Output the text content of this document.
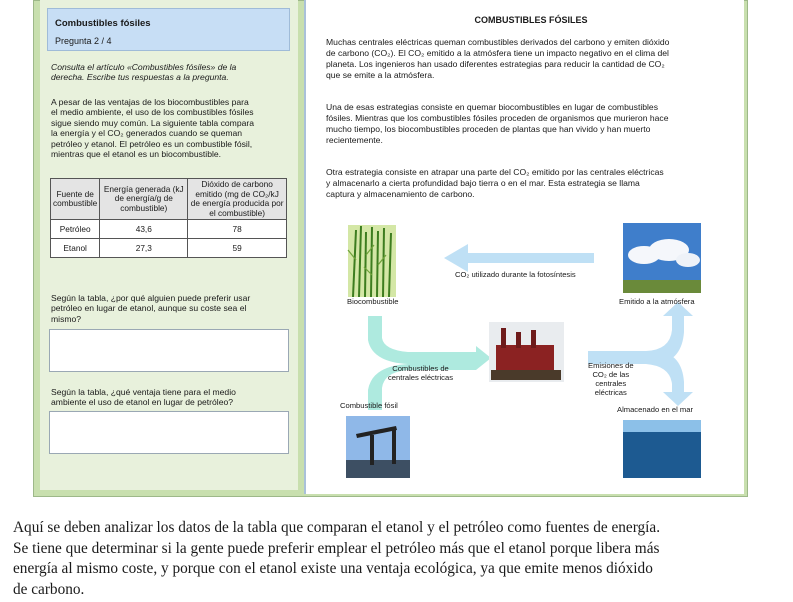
Combustibles fósiles
Pregunta 2 / 4
Consulta el artículo «Combustibles fósiles» de la
derecha. Escribe tus respuestas a la pregunta.
A pesar de las ventajas de los biocombustibles para
el medio ambiente, el uso de los combustibles fósiles
sigue siendo muy común. La siguiente tabla compara
la energía y el CO₂ generados cuando se queman
petróleo y etanol. El petróleo es un combustible fósil,
mientras que el etanol es un biocombustible.
Fuente de combustible	Energía generada (kJ de energía/g de combustible)	Dióxido de carbono emitido (mg de CO₂/kJ de energía producida por el combustible)
Petróleo	43,6	78
Etanol	27,3	59
Según la tabla, ¿por qué alguien puede preferir usar
petróleo en lugar de etanol, aunque su coste sea el
mismo?
Según la tabla, ¿qué ventaja tiene para el medio
ambiente el uso de etanol en lugar de petróleo?
COMBUSTIBLES FÓSILES
Muchas centrales eléctricas queman combustibles derivados del carbono y emiten dióxido
de carbono (CO₂). El CO₂ emitido a la atmósfera tiene un impacto negativo en el clima del
planeta. Los ingenieros han usado diferentes estrategias para reducir la cantidad de CO₂
que se emite a la atmósfera.
Una de esas estrategias consiste en quemar biocombustibles en lugar de combustibles
fósiles. Mientras que los combustibles fósiles proceden de organismos que murieron hace
mucho tiempo, los biocombustibles proceden de plantas que han vivido y han muerto
recientemente.
Otra estrategia consiste en atrapar una parte del CO₂ emitido por las centrales eléctricas
y almacenarlo a cierta profundidad bajo tierra o en el mar. Esta estrategia se llama
captura y almacenamiento de carbono.
CO₂ utilizado durante la fotosíntesis
Biocombustible	Emitido a la atmósfera
Combustibles de
centrales eléctricas
Emisiones de
CO₂ de las
centrales
eléctricas
Combustible fósil	Almacenado en el mar
Aquí se deben analizar los datos de la tabla que comparan el etanol y el petróleo como fuentes de energía.
Se tiene que determinar si la gente puede preferir emplear el petróleo más que el etanol porque libera más
energía al mismo coste, y porque con el etanol existe una ventaja ecológica, ya que emite menos dióxido
de carbono.
